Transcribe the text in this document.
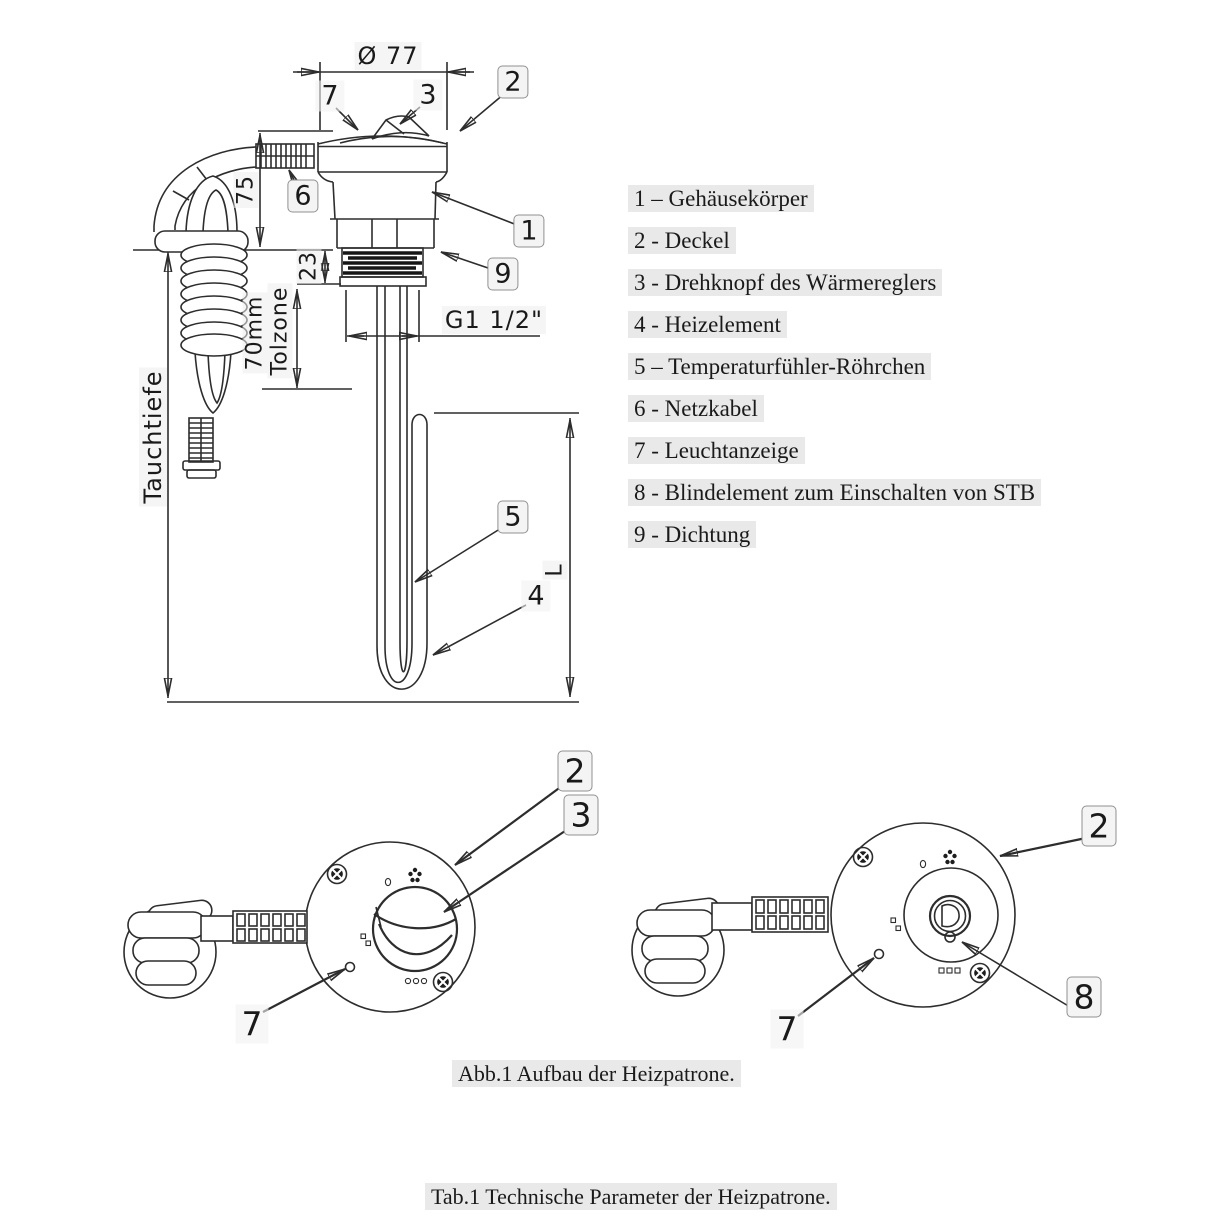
Ø 77
75
23
70mm Tolzone
Tauchtiefe
G1 1/2"
L
7	3	2
6
1
9
5
4
2
3
7
2
8
7
1 – Gehäusekörper
2 - Deckel
3 - Drehknopf des Wärmereglers
4 - Heizelement
5 – Temperaturfühler-Röhrchen
6 - Netzkabel
7 - Leuchtanzeige
8 - Blindelement zum Einschalten von STB
9 - Dichtung
Abb.1 Aufbau der Heizpatrone.
Tab.1 Technische Parameter der Heizpatrone.
